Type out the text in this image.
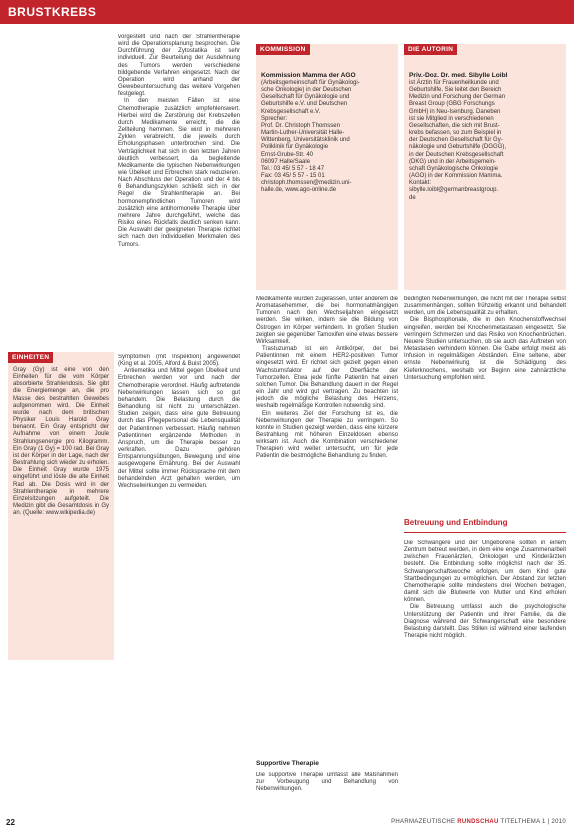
BRUSTKREBS

vorgestellt und nach der Strahlentherapie wird die Operationsplanung besprochen. Die Durchführung der Zytostatika ist sehr individuell. Zur Beurteilung der Ausdehnung des Tumors werden verschiedene bildgebende Verfahren eingesetzt. Nach der Operation wird anhand der Gewebeuntersuchung das weitere Vorgehen festgelegt.

In den meisten Fällen ist eine Chemotherapie zusätzlich empfehlenswert. Hierbei wird die Zerstörung der Krebszellen durch Medikamente erreicht, die die Zellteilung hemmen. Sie wird in mehreren Zyklen verabreicht, die jeweils durch Erholungsphasen unterbrochen sind. Die Verträglichkeit hat sich in den letzten Jahren deutlich verbessert, da begleitende Medikamente die typischen Nebenwirkungen wie Übelkeit und Erbrechen stark reduzieren. Nach Abschluss der Operation und der 4 bis 6 Behandlungszyklen schließt sich in der Regel die Strahlentherapie an. Bei hormonempfindlichen Tumoren wird zusätzlich eine antihormonelle Therapie über mehrere Jahre durchgeführt, welche das Risiko eines Rückfalls deutlich senken kann. Die Auswahl der geeigneten Therapie richtet sich nach den individuellen Merkmalen des Tumors.

EINHEITEN
Gray (Gy) ist eine von den Einheiten für die vom Körper absorbierte Strahlendosis. Sie gibt die Energiemenge an, die pro Masse des bestrahlten Gewebes aufgenommen wird. Die Einheit wurde nach dem britischen Physiker Louis Harold Gray benannt. Ein Gray entspricht der Aufnahme von einem Joule Strahlungsenergie pro Kilogramm. Ein Gray (1 Gy) = 100 rad. Bei Gray ist der Körper in der Lage, nach der Bestrahlung sich wieder zu erholen. Die Einheit Gray wurde 1975 eingeführt und löste die alte Einheit Rad ab. Die Dosis wird in der Strahlentherapie in mehrere Einzelsitzungen aufgeteilt. Die Medizin gibt die Gesamtdosis in Gy an. (Quelle: www.wikipedia.de)

Symptomen (mit Inspektion) angewendet (King et al. 2005, Alford & Buist 2005).

Antiemetika und Mittel gegen Übelkeit und Erbrechen werden vor und nach der Chemotherapie verordnet. Häufig auftretende Nebenwirkungen lassen sich so gut behandeln. Die Belastung durch die Behandlung ist nicht zu unterschätzen. Studien zeigen, dass eine gute Betreuung durch das Pflegepersonal die Lebensqualität der Patientinnen verbessert. Häufig nehmen Patientinnen ergänzende Methoden in Anspruch, um die Therapie besser zu verkraften. Dazu gehören Entspannungsübungen, Bewegung und eine ausgewogene Ernährung. Bei der Auswahl der Mittel sollte immer Rücksprache mit dem behandelnden Arzt gehalten werden, um Wechselwirkungen zu vermeiden.

KOMMISSION
Kommission Mamma der AGO
(Arbeitsgemeinschaft für Gynäkologi-
sche Onkologie) in der Deutschen
Gesellschaft für Gynäkologie und
Geburtshilfe e.V. und Deutschen
Krebsgesellschaft e.V.
Sprecher:
Prof. Dr. Christoph Thomssen
Martin-Luther-Universität Halle-
Wittenberg, Universitätsklinik und
Poliklinik für Gynäkologie
Ernst-Grube-Str. 40
06097 Halle/Saale
Tel.: 03 45/ 5 57 - 18 47
Fax: 03 45/ 5 57 - 15 01
christoph.thomssen@medizin.uni-
halle.de, www.ago-online.de
DIE AUTORIN
Priv.-Doz. Dr. med. Sibylle Loibl
ist Ärztin für Frauenheilkunde und
Geburtshilfe. Sie leitet den Bereich
Medizin und Forschung der German
Breast Group (GBG Forschungs
GmbH) in Neu-Isenburg. Daneben
ist sie Mitglied in verschiedenen
Gesellschaften, die sich mit Brust-
krebs befassen, so zum Beispiel in
der Deutschen Gesellschaft für Gy-
näkologie und Geburtshilfe (DGGG),
in der Deutschen Krebsgesellschaft
(DKG) und in der Arbeitsgemein-
schaft Gynäkologische Onkologie
(AGO) in der Kommission Mamma.
Kontakt:
sibylle.loibl@germanbreastgroup.
de

Medikamente wurden zugelassen, unter anderem die Aromatasehemmer, die bei hormonabhängigen Tumoren nach den Wechseljahren eingesetzt werden. Sie wirken, indem sie die Bildung von Östrogen im Körper verhindern. In großen Studien zeigten sie gegenüber Tamoxifen eine etwas bessere Wirksamkeit.

Trastuzumab ist ein Antikörper, der bei Patientinnen mit einem HER2-positiven Tumor eingesetzt wird. Er richtet sich gezielt gegen einen Wachstumsfaktor auf der Oberfläche der Tumorzellen. Etwa jede fünfte Patientin hat einen solchen Tumor. Die Behandlung dauert in der Regel ein Jahr und wird gut vertragen. Zu beachten ist jedoch die mögliche Belastung des Herzens, weshalb regelmäßige Kontrollen notwendig sind.

Ein weiteres Ziel der Forschung ist es, die Nebenwirkungen der Therapie zu verringern. So konnte in Studien gezeigt werden, dass eine kürzere Bestrahlung mit höheren Einzeldosen ebenso wirksam ist. Auch die Kombination verschiedener Therapien wird weiter untersucht, um für jede Patientin die bestmögliche Behandlung zu finden.

Supportive Therapie

Die supportive Therapie umfasst alle Maßnahmen zur Vorbeugung und Behandlung von Nebenwirkungen.

bedingten Nebenwirkungen, die nicht mit der Therapie selbst zusammenhängen, sollten frühzeitig erkannt und behandelt werden, um die Lebensqualität zu erhalten.

Die Bisphosphonate, die in den Knochenstoffwechsel eingreifen, werden bei Knochenmetastasen eingesetzt. Sie verringern Schmerzen und das Risiko von Knochenbrüchen. Neuere Studien untersuchen, ob sie auch das Auftreten von Metastasen verhindern können. Die Gabe erfolgt meist als Infusion in regelmäßigen Abständen. Eine seltene, aber ernste Nebenwirkung ist die Schädigung des Kieferknochens, weshalb vor Beginn eine zahnärztliche Untersuchung empfohlen wird.

Betreuung und Entbindung

Die Schwangere und der Ungeborene sollten in einem Zentrum betreut werden, in dem eine enge Zusammenarbeit zwischen Frauenärzten, Onkologen und Kinderärzten besteht. Die Entbindung sollte möglichst nach der 35. Schwangerschaftswoche erfolgen, um dem Kind gute Startbedingungen zu ermöglichen. Der Abstand zur letzten Chemotherapie sollte mindestens drei Wochen betragen, damit sich die Blutwerte von Mutter und Kind erholen können.

Die Betreuung umfasst auch die psychologische Unterstützung der Patientin und ihrer Familie, da die Diagnose während der Schwangerschaft eine besondere Belastung darstellt. Das Stillen ist während einer laufenden Therapie nicht möglich.

22	PHARMAZEUTISCHE RUNDSCHAU TITELTHEMA 1 | 2010
